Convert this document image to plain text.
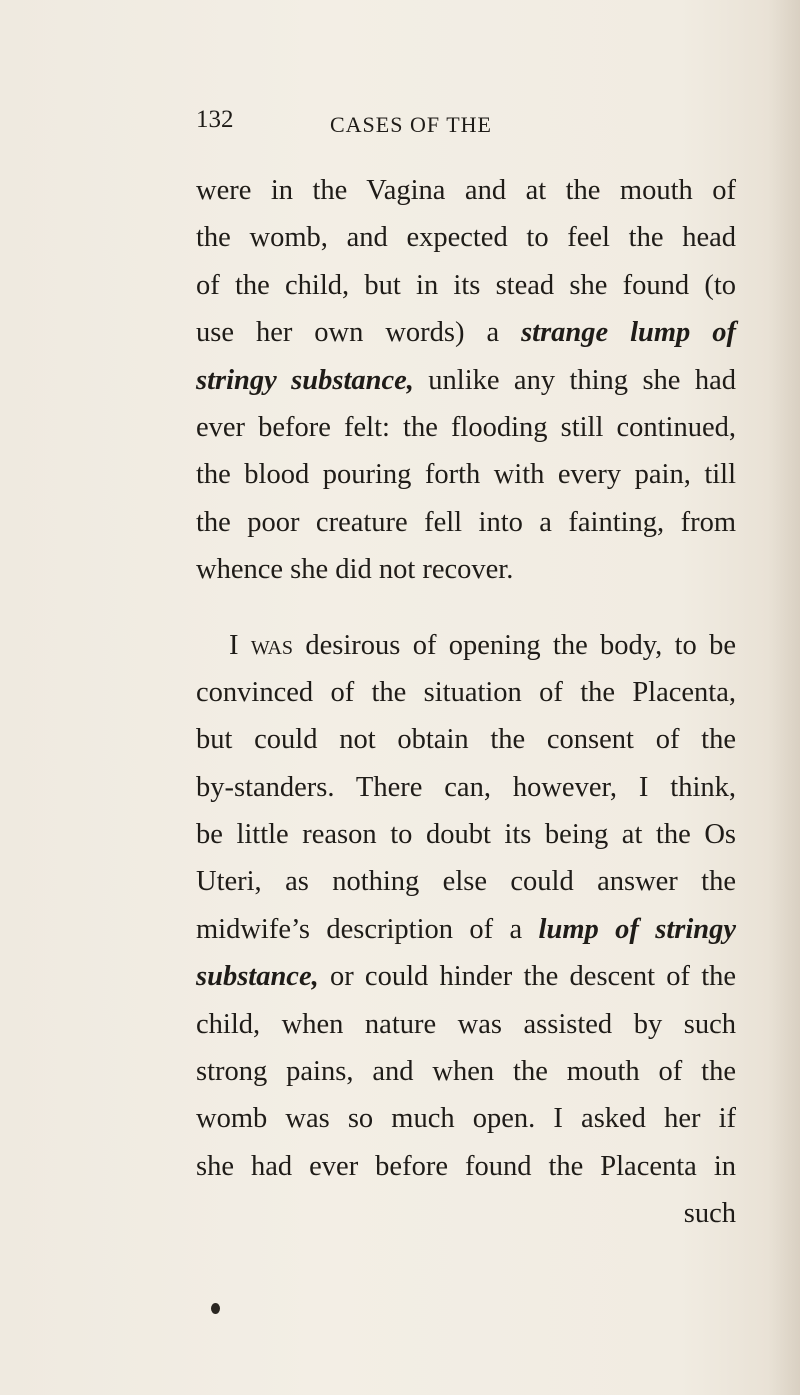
132	CASES OF THE
were in the Vagina and at the mouth of
the womb, and expected to feel the head
of the child, but in its stead she found (to
use her own words) a strange lump of
stringy substance, unlike any thing she had
ever before felt: the flooding still continued,
the blood pouring forth with every pain, till
the poor creature fell into a fainting, from
whence she did not recover.
I was desirous of opening the body, to be
convinced of the situation of the Placenta,
but could not obtain the consent of the
by-standers. There can, however, I think,
be little reason to doubt its being at the Os
Uteri, as nothing else could answer the
midwife’s description of a lump of stringy
substance, or could hinder the descent of the
child, when nature was assisted by such
strong pains, and when the mouth of the
womb was so much open. I asked her if
she had ever before found the Placenta in
such
